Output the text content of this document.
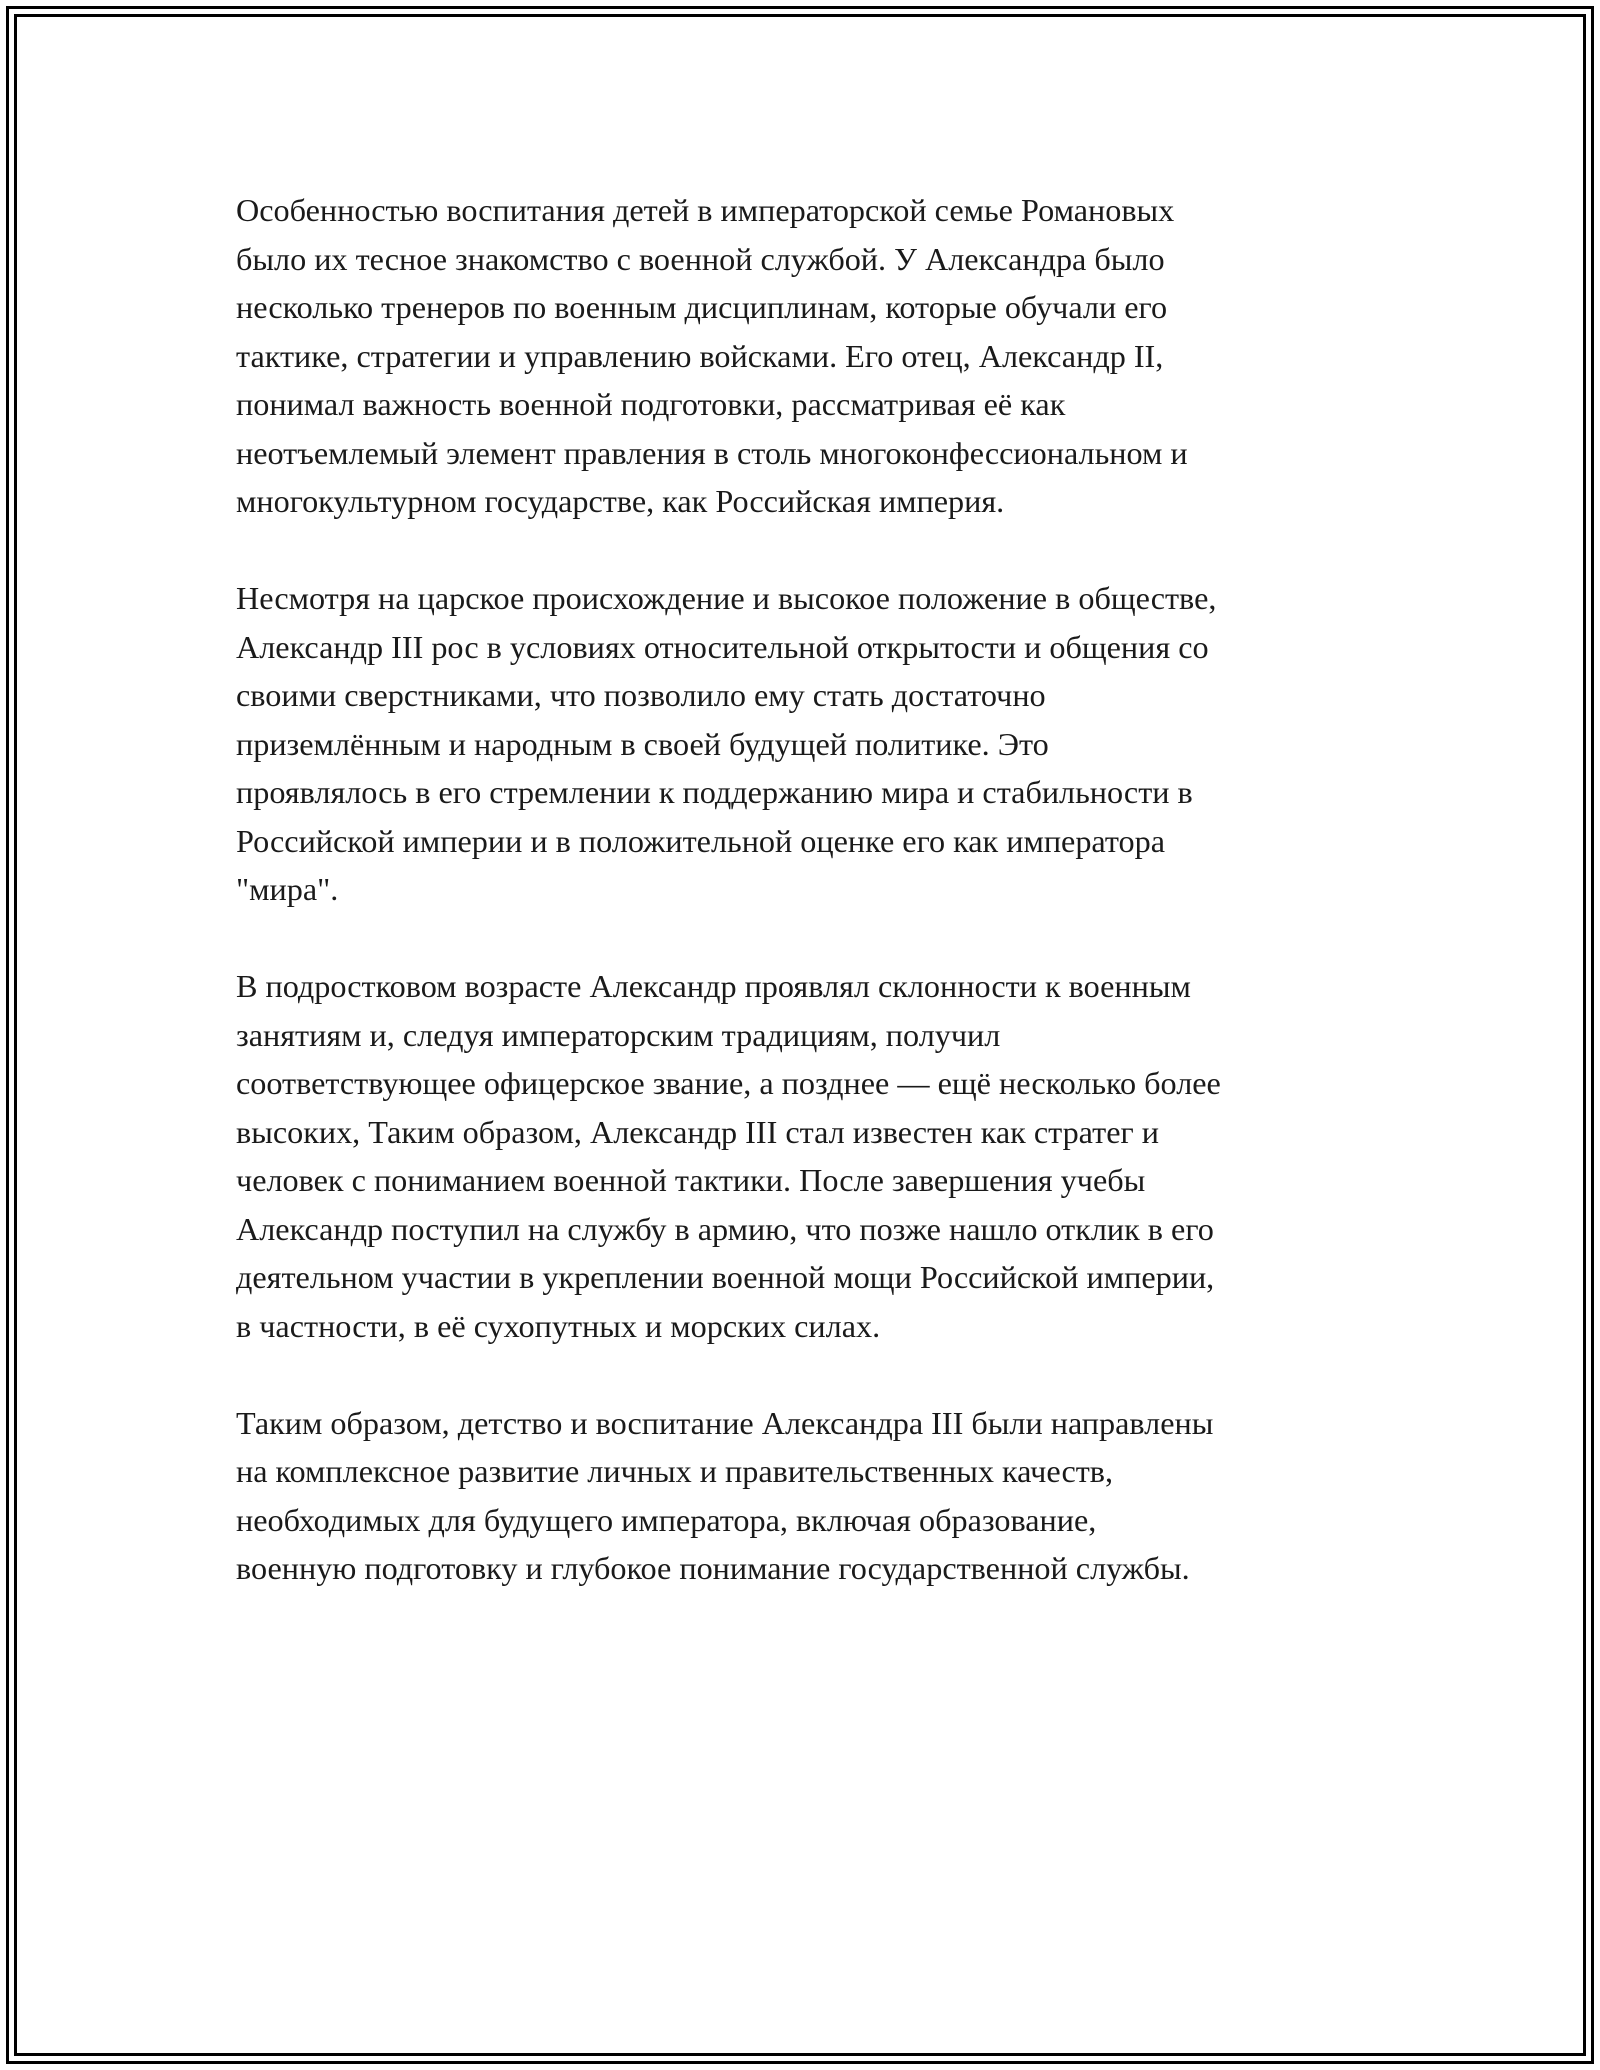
Особенностью воспитания детей в императорской семье Романовых
было их тесное знакомство с военной службой. У Александра было
несколько тренеров по военным дисциплинам, которые обучали его
тактике, стратегии и управлению войсками. Его отец, Александр II,
понимал важность военной подготовки, рассматривая её как
неотъемлемый элемент правления в столь многоконфессиональном и
многокультурном государстве, как Российская империя.

Несмотря на царское происхождение и высокое положение в обществе,
Александр III рос в условиях относительной открытости и общения со
своими сверстниками, что позволило ему стать достаточно
приземлённым и народным в своей будущей политике. Это
проявлялось в его стремлении к поддержанию мира и стабильности в
Российской империи и в положительной оценке его как императора
"мира".

В подростковом возрасте Александр проявлял склонности к военным
занятиям и, следуя императорским традициям, получил
соответствующее офицерское звание, а позднее — ещё несколько более
высоких, Таким образом, Александр III стал известен как стратег и
человек с пониманием военной тактики. После завершения учебы
Александр поступил на службу в армию, что позже нашло отклик в его
деятельном участии в укреплении военной мощи Российской империи,
в частности, в её сухопутных и морских силах.

Таким образом, детство и воспитание Александра III были направлены
на комплексное развитие личных и правительственных качеств,
необходимых для будущего императора, включая образование,
военную подготовку и глубокое понимание государственной службы.
